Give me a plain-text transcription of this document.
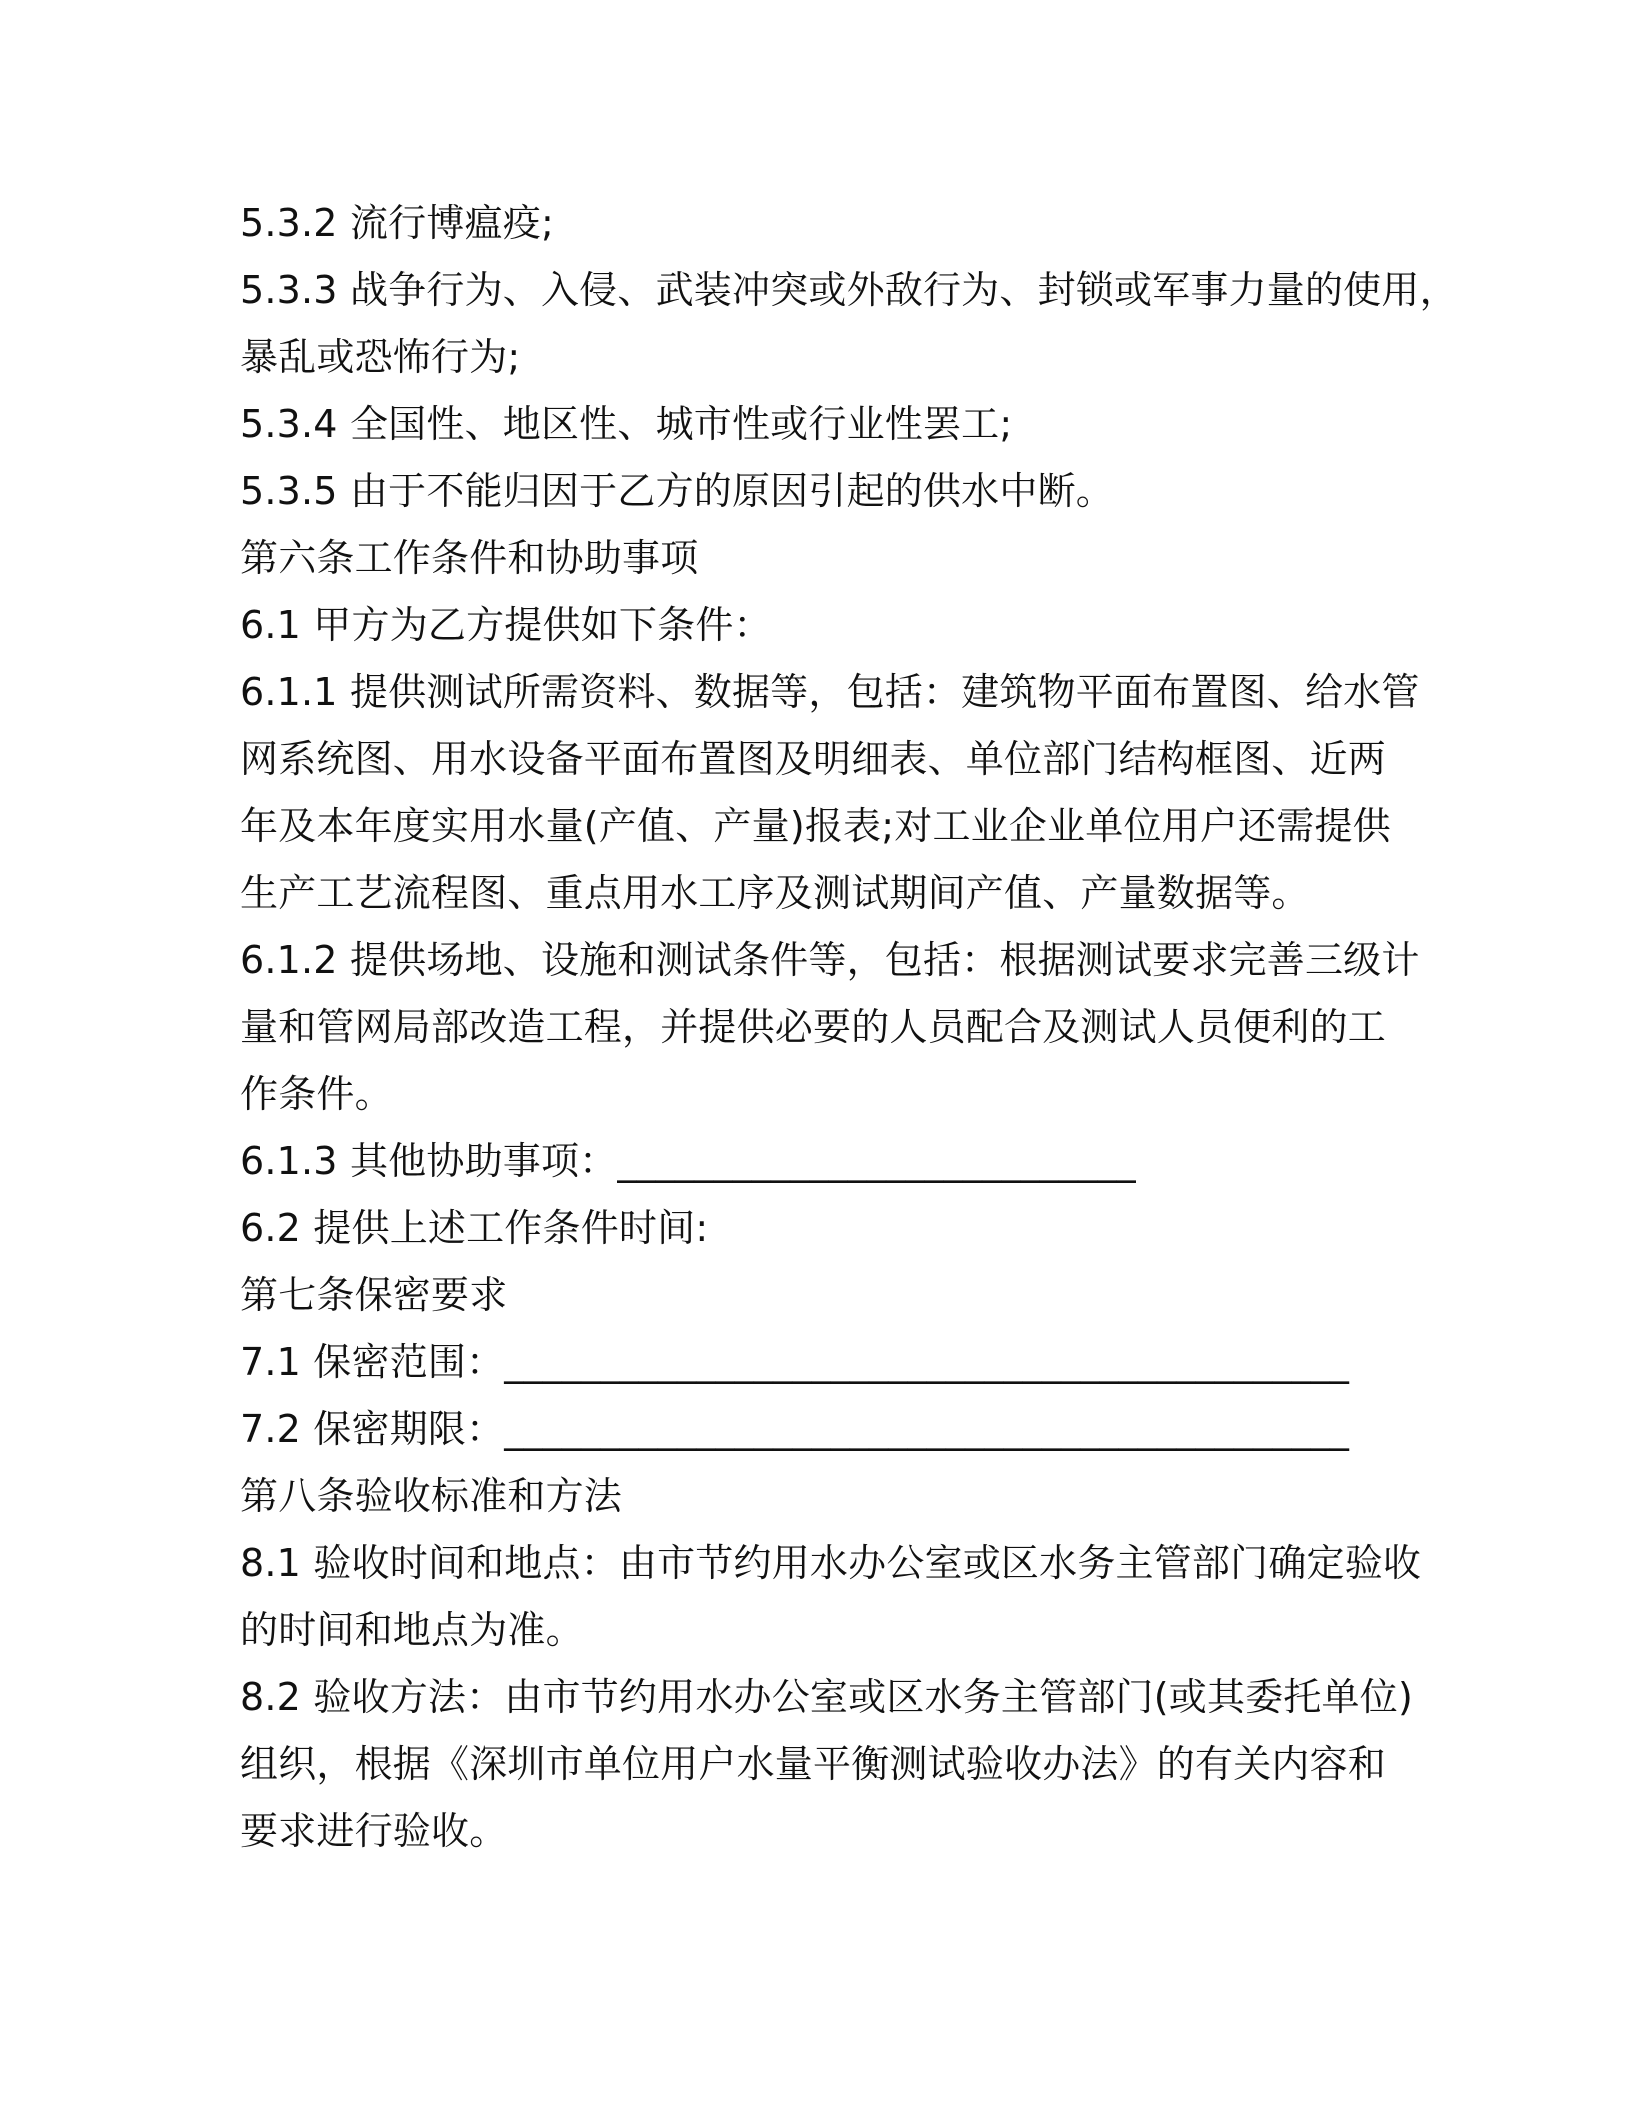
5.3.2 流行博瘟疫;
5.3.3 战争行为、入侵、武装冲突或外敌行为、封锁或军事力量的使用，
暴乱或恐怖行为;
5.3.4 全国性、地区性、城市性或行业性罢工;
5.3.5 由于不能归因于乙方的原因引起的供水中断。
第六条工作条件和协助事项
6.1 甲方为乙方提供如下条件：
6.1.1 提供测试所需资料、数据等，包括：建筑物平面布置图、给水管
网系统图、用水设备平面布置图及明细表、单位部门结构框图、近两
年及本年度实用水量(产值、产量)报表;对工业企业单位用户还需提供
生产工艺流程图、重点用水工序及测试期间产值、产量数据等。
6.1.2 提供场地、设施和测试条件等，包括：根据测试要求完善三级计
量和管网局部改造工程，并提供必要的人员配合及测试人员便利的工
作条件。
6.1.3 其他协助事项：___________________________
6.2 提供上述工作条件时间:
第七条保密要求
7.1 保密范围：____________________________________________
7.2 保密期限：____________________________________________
第八条验收标准和方法
8.1 验收时间和地点：由市节约用水办公室或区水务主管部门确定验收
的时间和地点为准。
8.2 验收方法：由市节约用水办公室或区水务主管部门(或其委托单位)
组织，根据《深圳市单位用户水量平衡测试验收办法》的有关内容和
要求进行验收。
